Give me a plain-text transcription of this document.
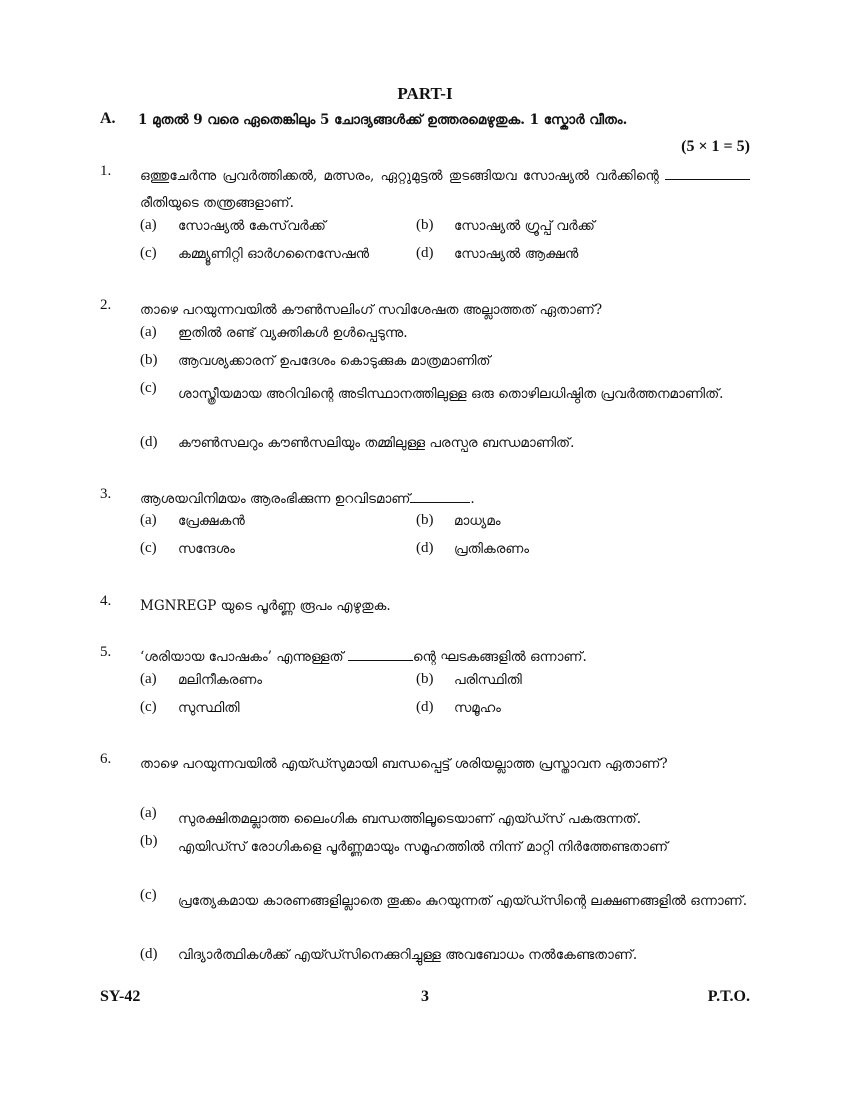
PART-I
A. 1 മുതൽ 9 വരെ ഏതെങ്കിലും 5 ചോദ്യങ്ങൾക്ക് ഉത്തരമെഴുതുക. 1 സ്കോർ വീതം.
(5 × 1 = 5)
1. ഒത്തുചേർന്നു പ്രവർത്തിക്കൽ, മത്സരം, ഏറ്റുമുട്ടൽ തുടങ്ങിയവ സോഷ്യൽ വർക്കിന്റെ  രീതിയുടെ തന്ത്രങ്ങളാണ്.
(a) സോഷ്യൽ കേസ്‌വർക്ക്	(b) സോഷ്യൽ ഗ്രൂപ്പ് വർക്ക്
(c) കമ്മ്യൂണിറ്റി ഓർഗനൈസേഷൻ	(d) സോഷ്യൽ ആക്ഷൻ
2. താഴെ പറയുന്നവയിൽ കൗൺസലിംഗ് സവിശേഷത അല്ലാത്തത് ഏതാണ്?
(a) ഇതിൽ രണ്ട് വ്യക്തികൾ ഉൾപ്പെടുന്നു.
(b) ആവശ്യക്കാരന് ഉപദേശം കൊടുക്കുക മാത്രമാണിത്
(c) ശാസ്ത്രീയമായ അറിവിന്റെ അടിസ്ഥാനത്തിലുള്ള ഒരു തൊഴിലധിഷ്ഠിത പ്രവർത്തനമാണിത്.
(d) കൗൺസലറും കൗൺസലിയും തമ്മിലുള്ള പരസ്പര ബന്ധമാണിത്.
3. ആശയവിനിമയം ആരംഭിക്കുന്ന ഉറവിടമാണ്	.
(a) പ്രേക്ഷകൻ	(b) മാധ്യമം
(c) സന്ദേശം	(d) പ്രതികരണം
4. MGNREGP യുടെ പൂർണ്ണ രൂപം എഴുതുക.
5. ‘ശരിയായ പോഷകം’ എന്നുള്ളത്	ന്റെ ഘടകങ്ങളിൽ ഒന്നാണ്.
(a) മലിനീകരണം	(b) പരിസ്ഥിതി
(c) സുസ്ഥിതി	(d) സമൂഹം
6. താഴെ പറയുന്നവയിൽ എയ്ഡ്സുമായി ബന്ധപ്പെട്ട് ശരിയല്ലാത്ത പ്രസ്താവന ഏതാണ്?
(a) സുരക്ഷിതമല്ലാത്ത ലൈംഗിക ബന്ധത്തിലൂടെയാണ് എയ്ഡ്സ് പകരുന്നത്.
(b) എയിഡ്സ് രോഗികളെ പൂർണ്ണമായും സമൂഹത്തിൽ നിന്ന് മാറ്റി നിർത്തേണ്ടതാണ്
(c) പ്രത്യേകമായ കാരണങ്ങളില്ലാതെ തൂക്കം കുറയുന്നത് എയ്ഡ്സിന്റെ ലക്ഷണങ്ങളിൽ ഒന്നാണ്.
(d) വിദ്യാർത്ഥികൾക്ക് എയ്ഡ്സിനെക്കുറിച്ചുള്ള അവബോധം നൽകേണ്ടതാണ്.
SY-42	3	P.T.O.
